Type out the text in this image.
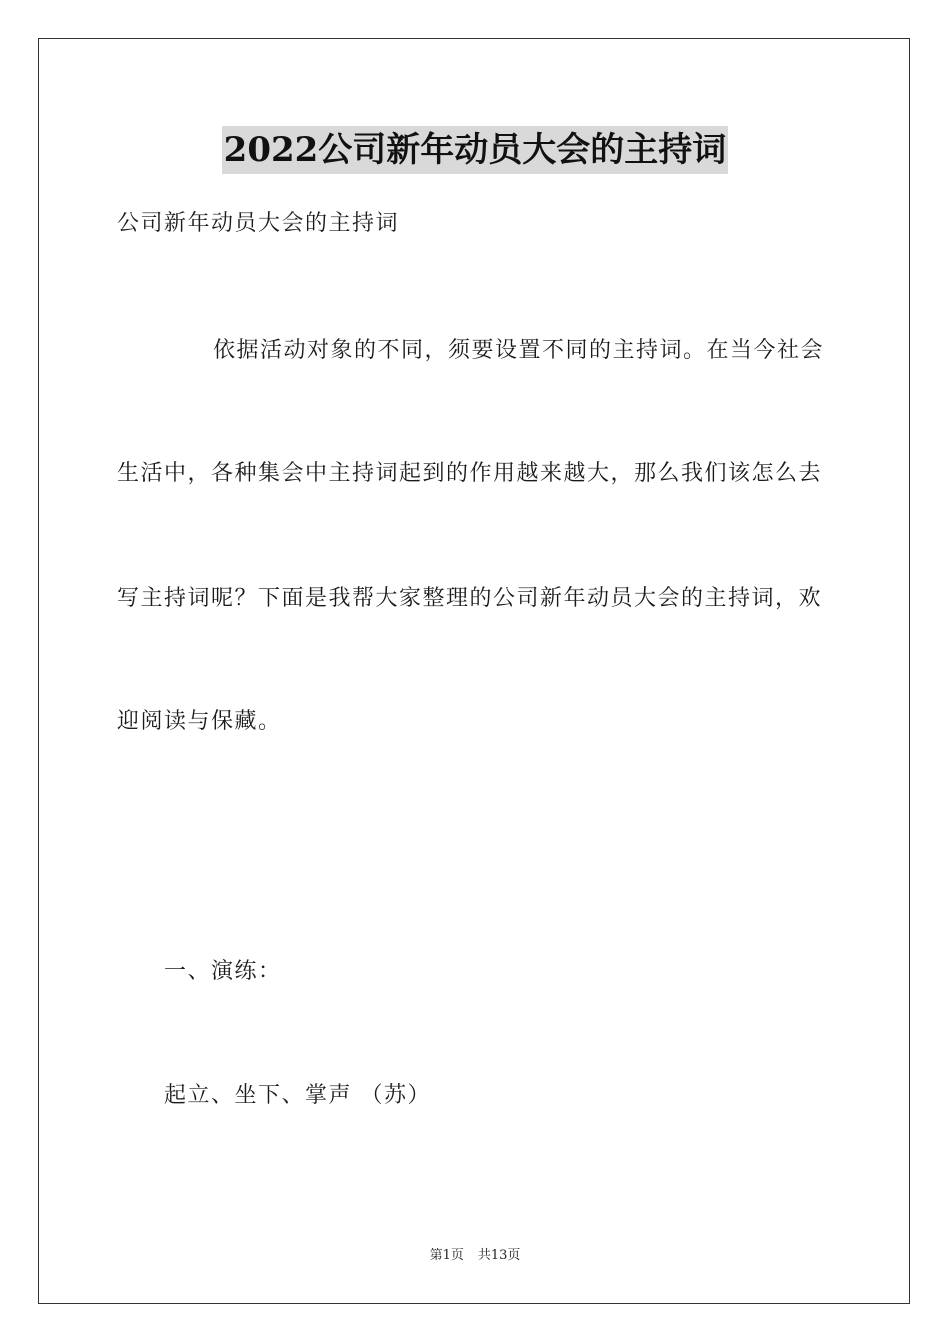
2022公司新年动员大会的主持词
公司新年动员大会的主持词
依据活动对象的不同，须要设置不同的主持词。在当今社会
生活中，各种集会中主持词起到的作用越来越大，那么我们该怎么去
写主持词呢？下面是我帮大家整理的公司新年动员大会的主持词，欢
迎阅读与保藏。
一、演练：
起立、坐下、掌声 （苏）
第1页 共13页
